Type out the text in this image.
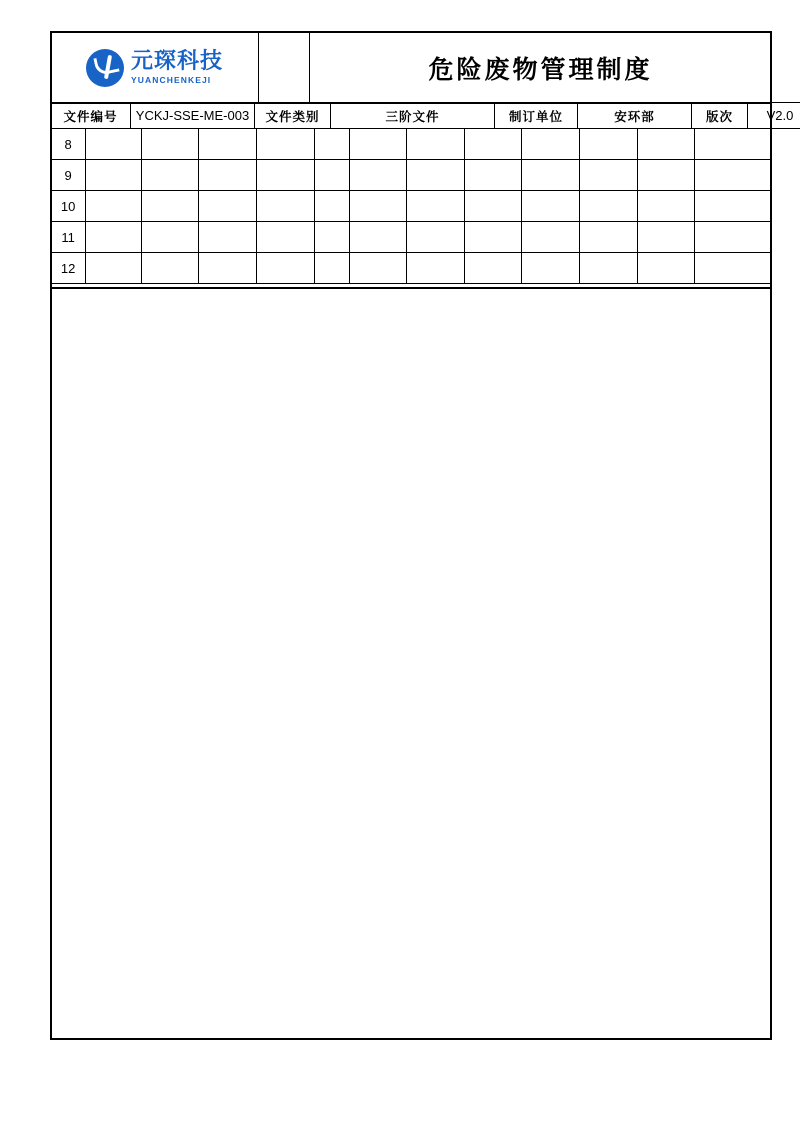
元琛科技
YUANCHENKEJI		危险废物管理制度
文件编号	YCKJ-SSE-ME-003	文件类别	三阶文件	制订单位	安环部	版次	V2.0
8												
9												
10												
11												
12												
